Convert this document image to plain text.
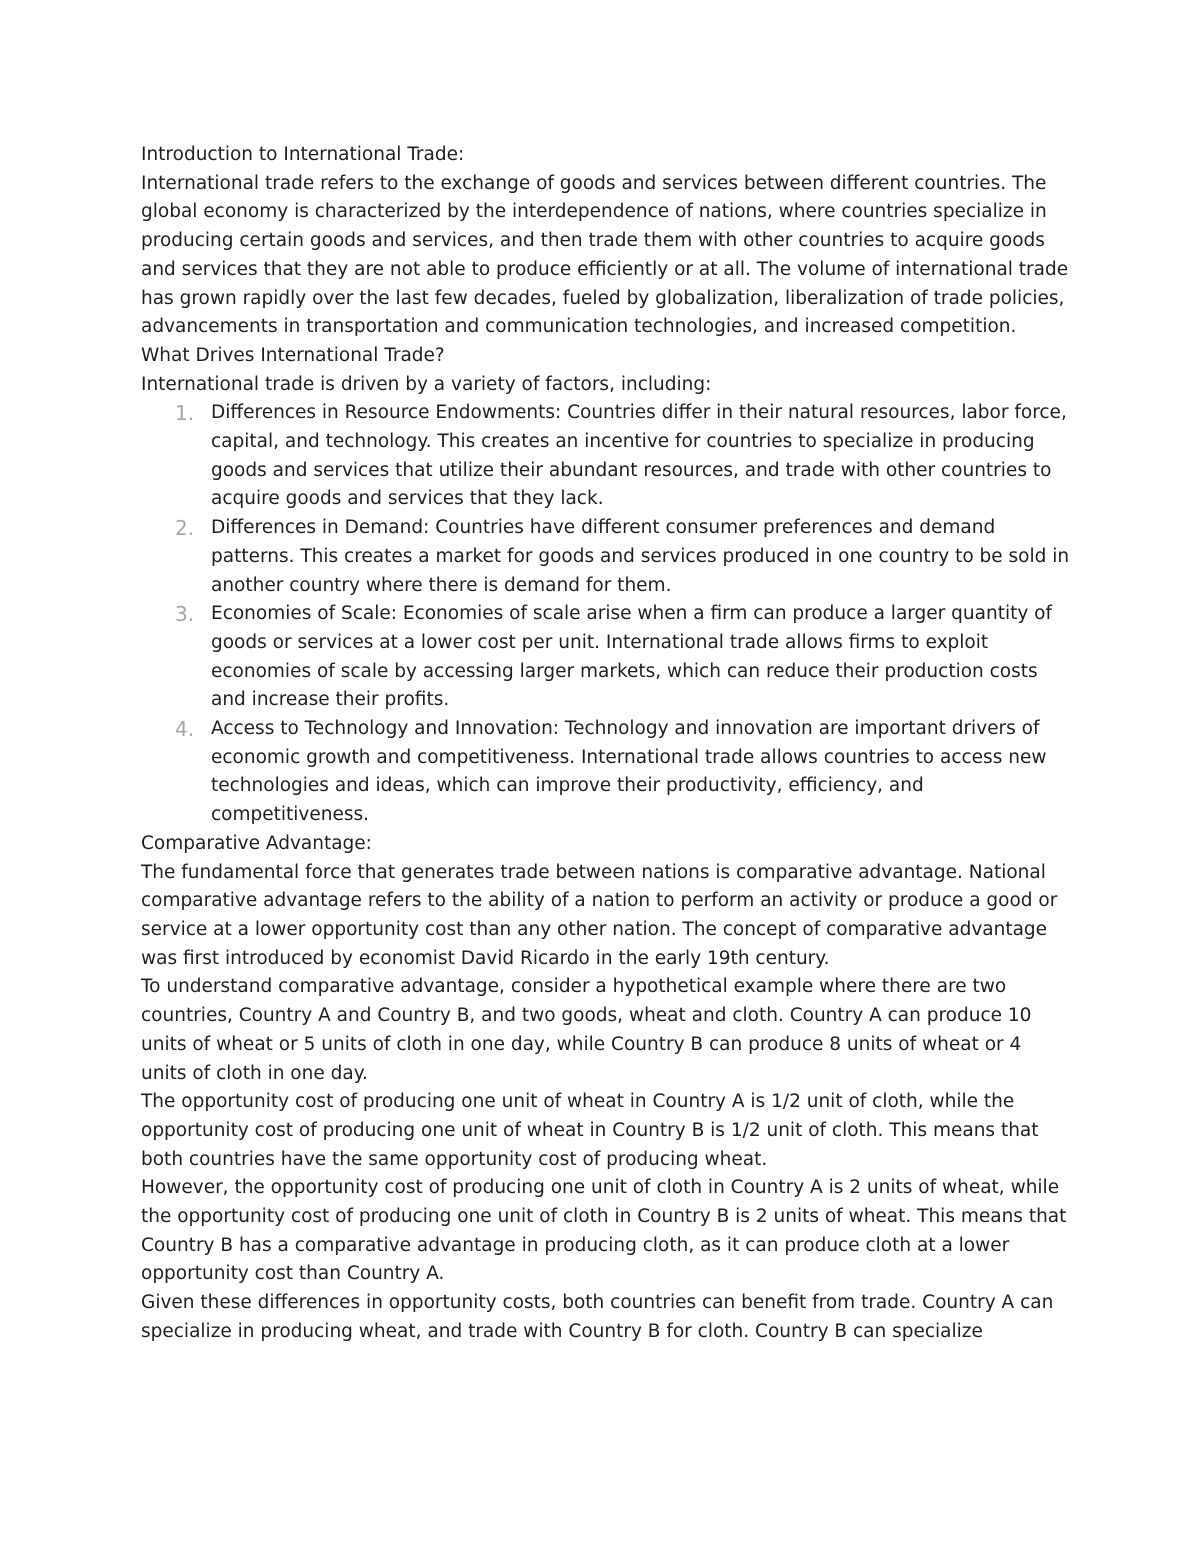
Introduction to International Trade:

International trade refers to the exchange of goods and services between different countries. The global economy is characterized by the interdependence of nations, where countries specialize in producing certain goods and services, and then trade them with other countries to acquire goods and services that they are not able to produce efficiently or at all. The volume of international trade has grown rapidly over the last few decades, fueled by globalization, liberalization of trade policies, advancements in transportation and communication technologies, and increased competition.

What Drives International Trade?

International trade is driven by a variety of factors, including:

1. Differences in Resource Endowments: Countries differ in their natural resources, labor force, capital, and technology. This creates an incentive for countries to specialize in producing goods and services that utilize their abundant resources, and trade with other countries to acquire goods and services that they lack.
2. Differences in Demand: Countries have different consumer preferences and demand patterns. This creates a market for goods and services produced in one country to be sold in another country where there is demand for them.
3. Economies of Scale: Economies of scale arise when a firm can produce a larger quantity of goods or services at a lower cost per unit. International trade allows firms to exploit economies of scale by accessing larger markets, which can reduce their production costs and increase their profits.
4. Access to Technology and Innovation: Technology and innovation are important drivers of economic growth and competitiveness. International trade allows countries to access new technologies and ideas, which can improve their productivity, efficiency, and competitiveness.

Comparative Advantage:

The fundamental force that generates trade between nations is comparative advantage. National comparative advantage refers to the ability of a nation to perform an activity or produce a good or service at a lower opportunity cost than any other nation. The concept of comparative advantage was first introduced by economist David Ricardo in the early 19th century.

To understand comparative advantage, consider a hypothetical example where there are two countries, Country A and Country B, and two goods, wheat and cloth. Country A can produce 10 units of wheat or 5 units of cloth in one day, while Country B can produce 8 units of wheat or 4 units of cloth in one day.

The opportunity cost of producing one unit of wheat in Country A is 1/2 unit of cloth, while the opportunity cost of producing one unit of wheat in Country B is 1/2 unit of cloth. This means that both countries have the same opportunity cost of producing wheat.

However, the opportunity cost of producing one unit of cloth in Country A is 2 units of wheat, while the opportunity cost of producing one unit of cloth in Country B is 2 units of wheat. This means that Country B has a comparative advantage in producing cloth, as it can produce cloth at a lower opportunity cost than Country A.

Given these differences in opportunity costs, both countries can benefit from trade. Country A can specialize in producing wheat, and trade with Country B for cloth. Country B can specialize
